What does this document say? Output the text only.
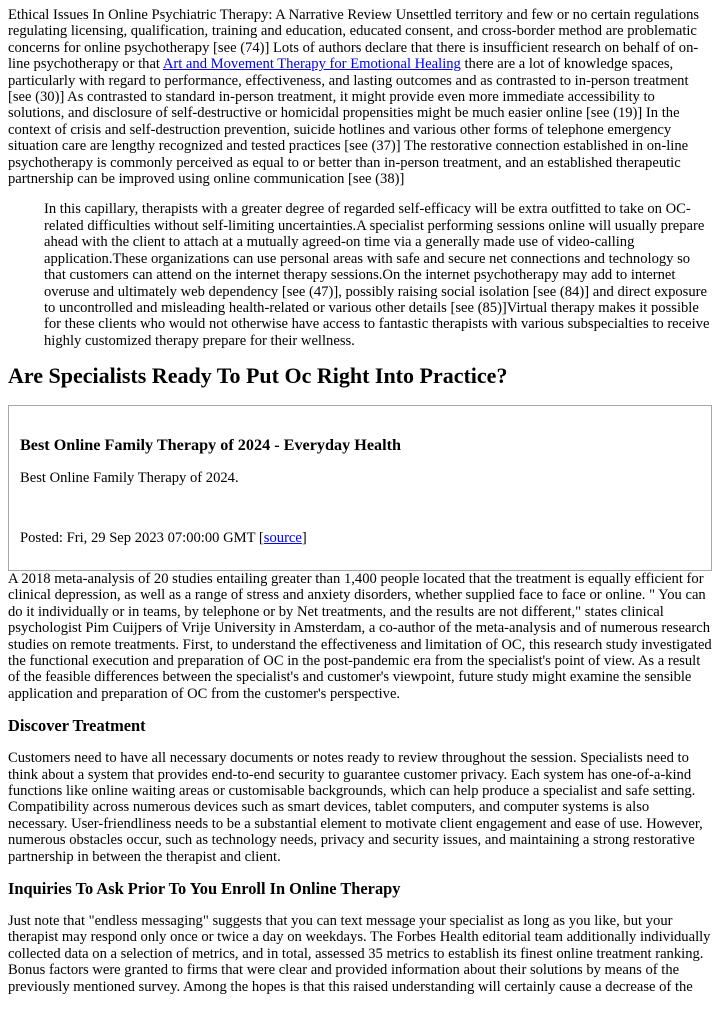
Ethical Issues In Online Psychiatric Therapy: A Narrative Review Unsettled territory and few or no certain regulations regulating licensing, qualification, training and education, educated consent, and cross-border method are problematic concerns for online psychotherapy [see (74)] Lots of authors declare that there is insufficient research on behalf of on-line psychotherapy or that Art and Movement Therapy for Emotional Healing there are a lot of knowledge spaces, particularly with regard to performance, effectiveness, and lasting outcomes and as contrasted to in-person treatment [see (30)] As contrasted to standard in-person treatment, it might provide even more immediate accessibility to solutions, and disclosure of self-destructive or homicidal propensities might be much easier online [see (19)] In the context of crisis and self-destruction prevention, suicide hotlines and various other forms of telephone emergency situation care are lengthy recognized and tested practices [see (37)] The restorative connection established in on-line psychotherapy is commonly perceived as equal to or better than in-person treatment, and an established therapeutic partnership can be improved using online communication [see (38)]

In this capillary, therapists with a greater degree of regarded self-efficacy will be extra outfitted to take on OC-related difficulties without self-limiting uncertainties.A specialist performing sessions online will usually prepare ahead with the client to attach at a mutually agreed-on time via a generally made use of video-calling application.These organizations can use personal areas with safe and secure net connections and technology so that customers can attend on the internet therapy sessions.On the internet psychotherapy may add to internet overuse and ultimately web dependency [see (47)], possibly raising social isolation [see (84)] and direct exposure to uncontrolled and misleading health-related or various other details [see (85)]Virtual therapy makes it possible for these clients who would not otherwise have access to fantastic therapists with various subspecialties to receive highly customized therapy prepare for their wellness.
Are Specialists Ready To Put Oc Right Into Practice?
Best Online Family Therapy of 2024 - Everyday Health

Best Online Family Therapy of 2024.

Posted: Fri, 29 Sep 2023 07:00:00 GMT [source]

A 2018 meta-analysis of 20 studies entailing greater than 1,400 people located that the treatment is equally efficient for clinical depression, as well as a range of stress and anxiety disorders, whether supplied face to face or online. " You can do it individually or in teams, by telephone or by Net treatments, and the results are not different," states clinical psychologist Pim Cuijpers of Vrije University in Amsterdam, a co-author of the meta-analysis and of numerous research studies on remote treatments. First, to understand the effectiveness and limitation of OC, this research study investigated the functional execution and preparation of OC in the post-pandemic era from the specialist's point of view. As a result of the feasible differences between the specialist's and customer's viewpoint, future study might examine the sensible application and preparation of OC from the customer's perspective.

Discover Treatment

Customers need to have all necessary documents or notes ready to review throughout the session. Specialists need to think about a system that provides end-to-end security to guarantee customer privacy. Each system has one-of-a-kind functions like online waiting areas or customisable backgrounds, which can help produce a specialist and safe setting. Compatibility across numerous devices such as smart devices, tablet computers, and computer systems is also necessary. User-friendliness needs to be a substantial element to motivate client engagement and ease of use. However, numerous obstacles occur, such as technology needs, privacy and security issues, and maintaining a strong restorative partnership in between the therapist and client.

Inquiries To Ask Prior To You Enroll In Online Therapy

Just note that "endless messaging" suggests that you can text message your specialist as long as you like, but your therapist may respond only once or twice a day on weekdays. The Forbes Health editorial team additionally individually collected data on a selection of metrics, and in total, assessed 35 metrics to establish its finest online treatment ranking. Bonus factors were granted to firms that were clear and provided information about their solutions by means of the previously mentioned survey. Among the hopes is that this raised understanding will certainly cause a decrease of the
